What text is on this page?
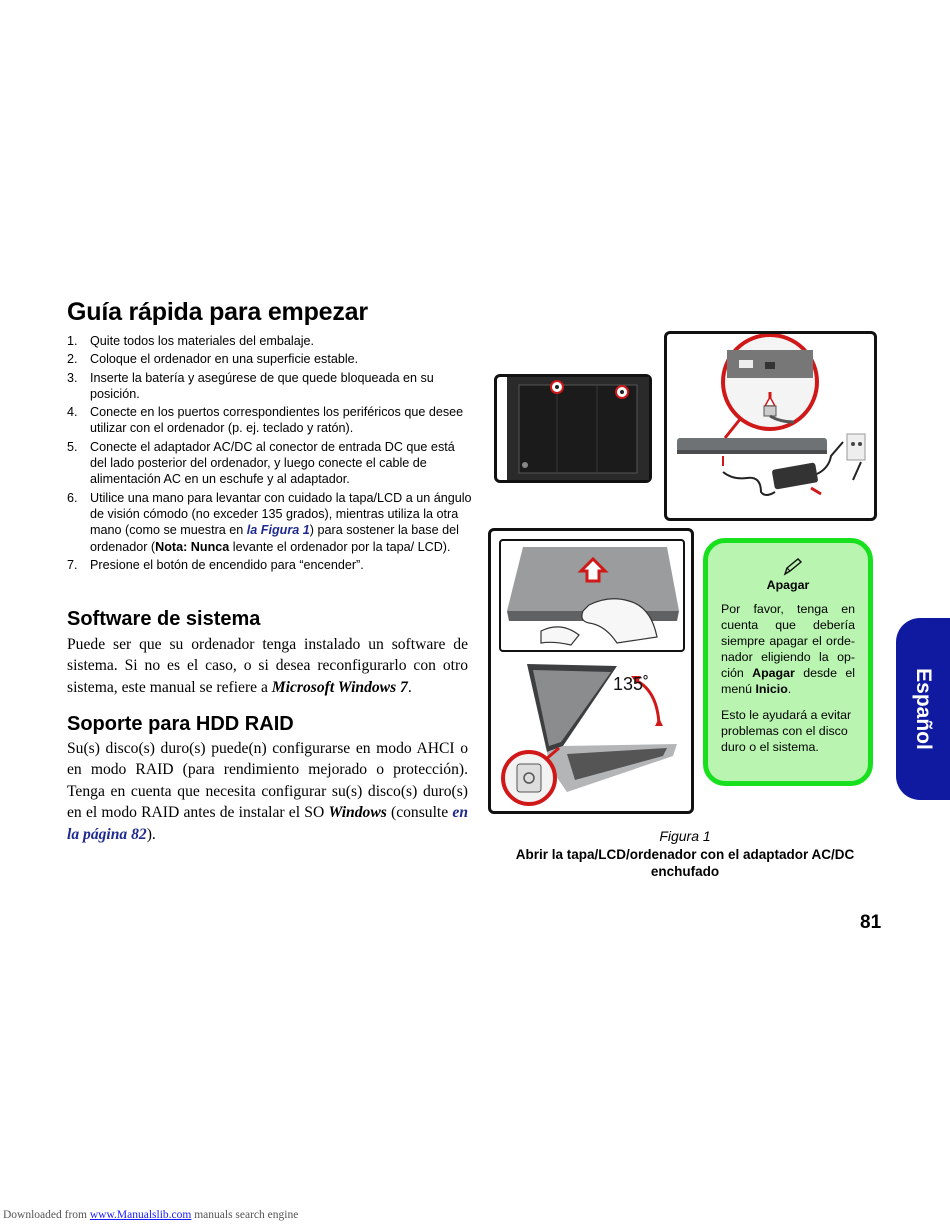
Guía rápida para empezar
1. Quite todos los materiales del embalaje.
2. Coloque el ordenador en una superficie estable.
3. Inserte la batería y asegúrese de que quede bloqueada en su posición.
4. Conecte en los puertos correspondientes los periféricos que desee utilizar con el ordenador (p. ej. teclado y ratón).
5. Conecte el adaptador AC/DC al conector de entrada DC que está del lado posterior del ordenador, y luego conecte el cable de alimentación AC en un eschufe y al adaptador.
6. Utilice una mano para levantar con cuidado la tapa/LCD a un ángulo de visión cómodo (no exceder 135 grados), mientras utiliza la otra mano (como se muestra en la Figura 1) para sostener la base del ordenador (Nota: Nunca levante el ordenador por la tapa/ LCD).
7. Presione el botón de encendido para “encender”.
Software de sistema

Puede ser que su ordenador tenga instalado un software de sistema. Si no es el caso, o si desea reconfigurarlo con otro sistema, este manual se refiere a Microsoft Windows 7.

Soporte para HDD RAID

Su(s) disco(s) duro(s) puede(n) configurarse en modo AHCI o en modo RAID (para rendimiento mejorado o protección). Tenga en cuenta que necesita configurar su(s) disco(s) duro(s) en el modo RAID antes de instalar el SO Windows (consulte en la página 82).

135˚
Apagar

Por favor, tenga en cuenta que debería siempre apagar el orde- nador eligiendo la op- ción Apagar desde el menú Inicio.

Esto le ayudará a evitar problemas con el disco duro o el sistema.

Figura 1
Abrir la tapa/LCD/ordenador con el adaptador AC/DC enchufado
81
Español
Downloaded from www.Manualslib.com manuals search engine
